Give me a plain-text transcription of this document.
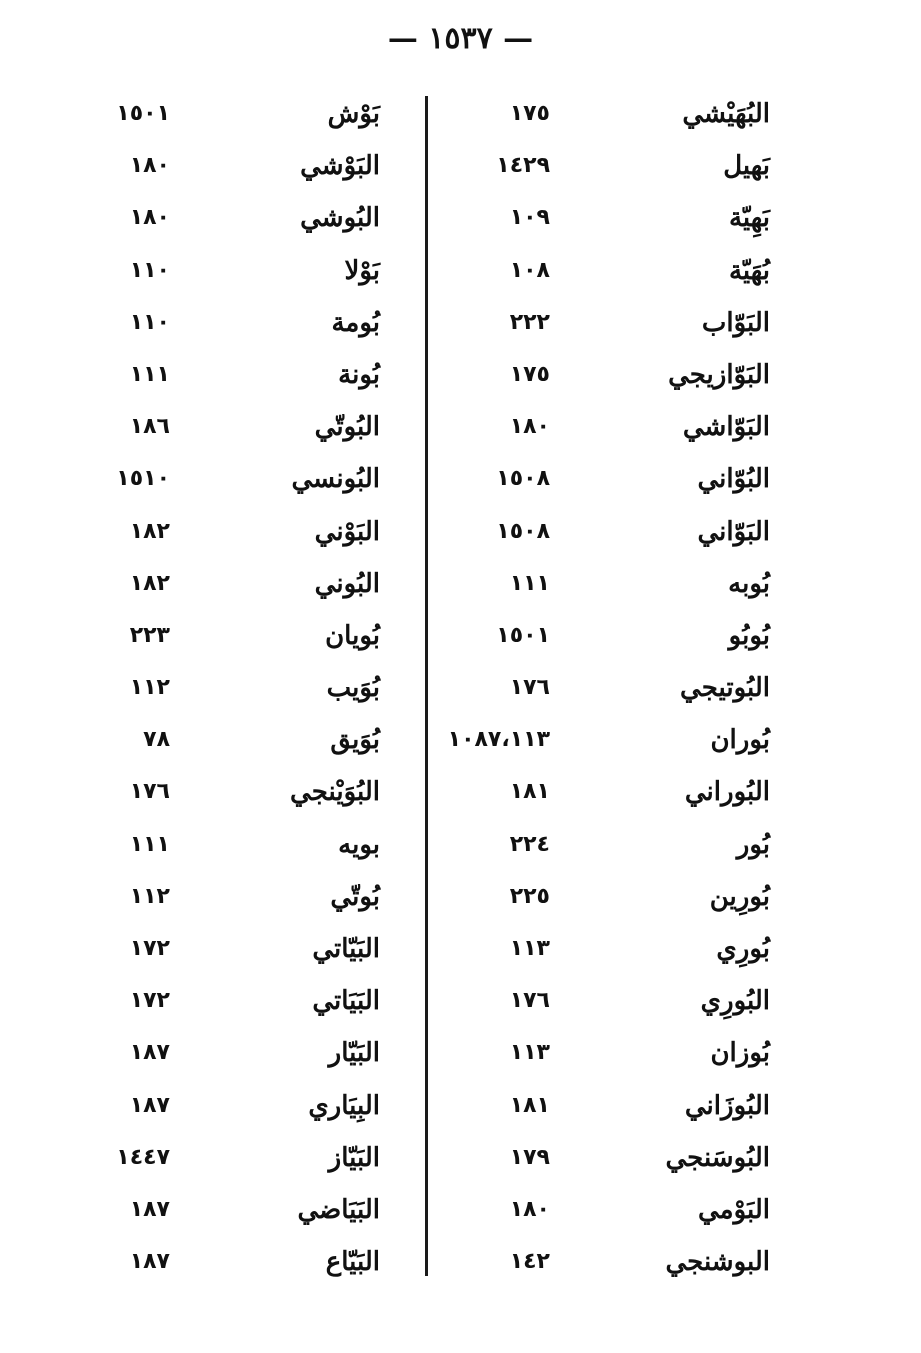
— ١٥٣٧ —
البُهَيْشي
١٧٥
بَهيل
١٤٢٩
بَهِيّة
١٠٩
بُهَيّة
١٠٨
البَوّاب
٢٢٢
البَوّازيجي
١٧٥
البَوّاشي
١٨٠
البُوّاني
١٥٠٨
البَوّاني
١٥٠٨
بُوبه
١١١
بُوبُو
١٥٠١
البُوتيجي
١٧٦
بُوران
١٠٨٧،١١٣
البُوراني
١٨١
بُور
٢٢٤
بُورِين
٢٢٥
بُورِي
١١٣
البُورِي
١٧٦
بُوزان
١١٣
البُوزَاني
١٨١
البُوسَنجي
١٧٩
البَوْمي
١٨٠
البوشنجي
١٤٢
بَوْش
١٥٠١
البَوْشي
١٨٠
البُوشي
١٨٠
بَوْلا
١١٠
بُومة
١١٠
بُونة
١١١
البُوتّي
١٨٦
البُونسي
١٥١٠
البَوْني
١٨٢
البُوني
١٨٢
بُويان
٢٢٣
بُوَيب
١١٢
بُوَيق
٧٨
البُوَيْنجي
١٧٦
بويه
١١١
بُوتّي
١١٢
البَيّاتي
١٧٢
البَيَاتي
١٧٢
البَيّار
١٨٧
البِيَاري
١٨٧
البَيّاز
١٤٤٧
البَيَاضي
١٨٧
البَيّاع
١٨٧
